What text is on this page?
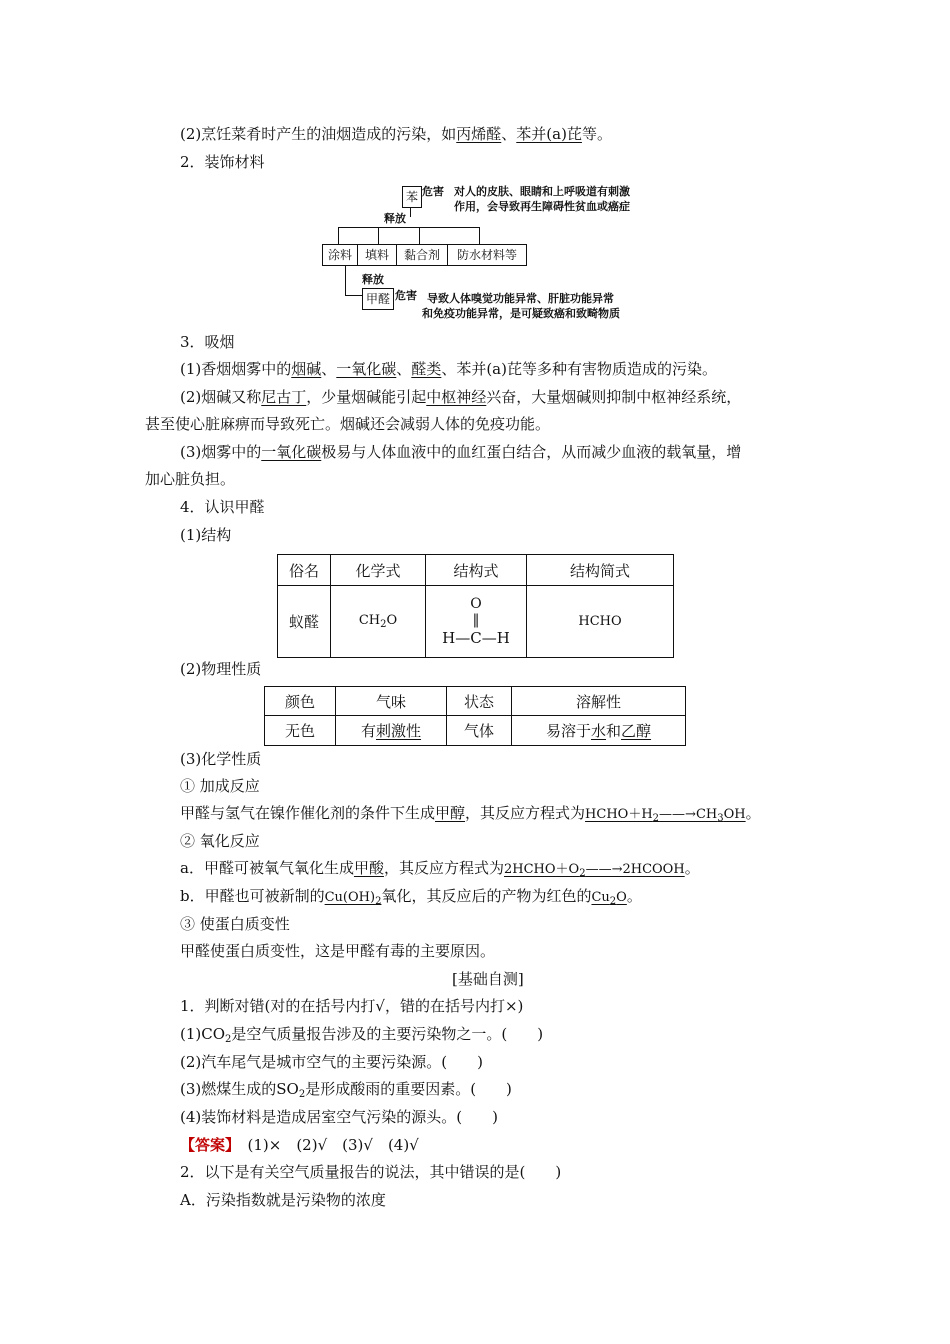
(2)烹饪菜肴时产生的油烟造成的污染，如丙烯醛、苯并(a)芘等。
2．装饰材料
苯 危害 对人的皮肤、眼睛和上呼吸道有刺激
作用，会导致再生障碍性贫血或癌症
释放
涂料	填料	黏合剂	防水材料等
释放
甲醛 危害 导致人体嗅觉功能异常、肝脏功能异常
和免疫功能异常，是可疑致癌和致畸物质
3．吸烟
(1)香烟烟雾中的烟碱、一氧化碳、醛类、苯并(a)芘等多种有害物质造成的污染。
(2)烟碱又称尼古丁，少量烟碱能引起中枢神经兴奋，大量烟碱则抑制中枢神经系统，
甚至使心脏麻痹而导致死亡。烟碱还会减弱人体的免疫功能。
(3)烟雾中的一氧化碳极易与人体血液中的血红蛋白结合，从而减少血液的载氧量，增
加心脏负担。
4．认识甲醛
(1)结构
俗名	化学式	结构式	结构简式
蚁醛	$CH_2O$	O
‖
H—C—H	HCHO
(2)物理性质
颜色	气味	状态	溶解性
无色	有刺激性	气体	易溶于水和乙醇
(3)化学性质
① 加成反应
甲醛与氢气在镍作催化剂的条件下生成甲醇，其反应方程式为$HCHO+H_2——\to CH_3OH$。
② 氧化反应
a．甲醛可被氧气氧化生成甲酸，其反应方程式为$2HCHO+O_2——\to 2HCOOH$。
b．甲醛也可被新制的$Cu(OH)_2$氧化，其反应后的产物为红色的$Cu_2O$。
③ 使蛋白质变性
甲醛使蛋白质变性，这是甲醛有毒的主要原因。
[基础自测]
1．判断对错(对的在括号内打√，错的在括号内打×)
$(1)CO_2$是空气质量报告涉及的主要污染物之一。(　　)
(2)汽车尾气是城市空气的主要污染源。(　　)
(3)燃煤生成的$SO_2$是形成酸雨的重要因素。(　　)
(4)装饰材料是造成居室空气污染的源头。(　　)
【答案】　(1)×　(2)√　(3)√　(4)√
2．以下是有关空气质量报告的说法，其中错误的是(　　)
A．污染指数就是污染物的浓度
